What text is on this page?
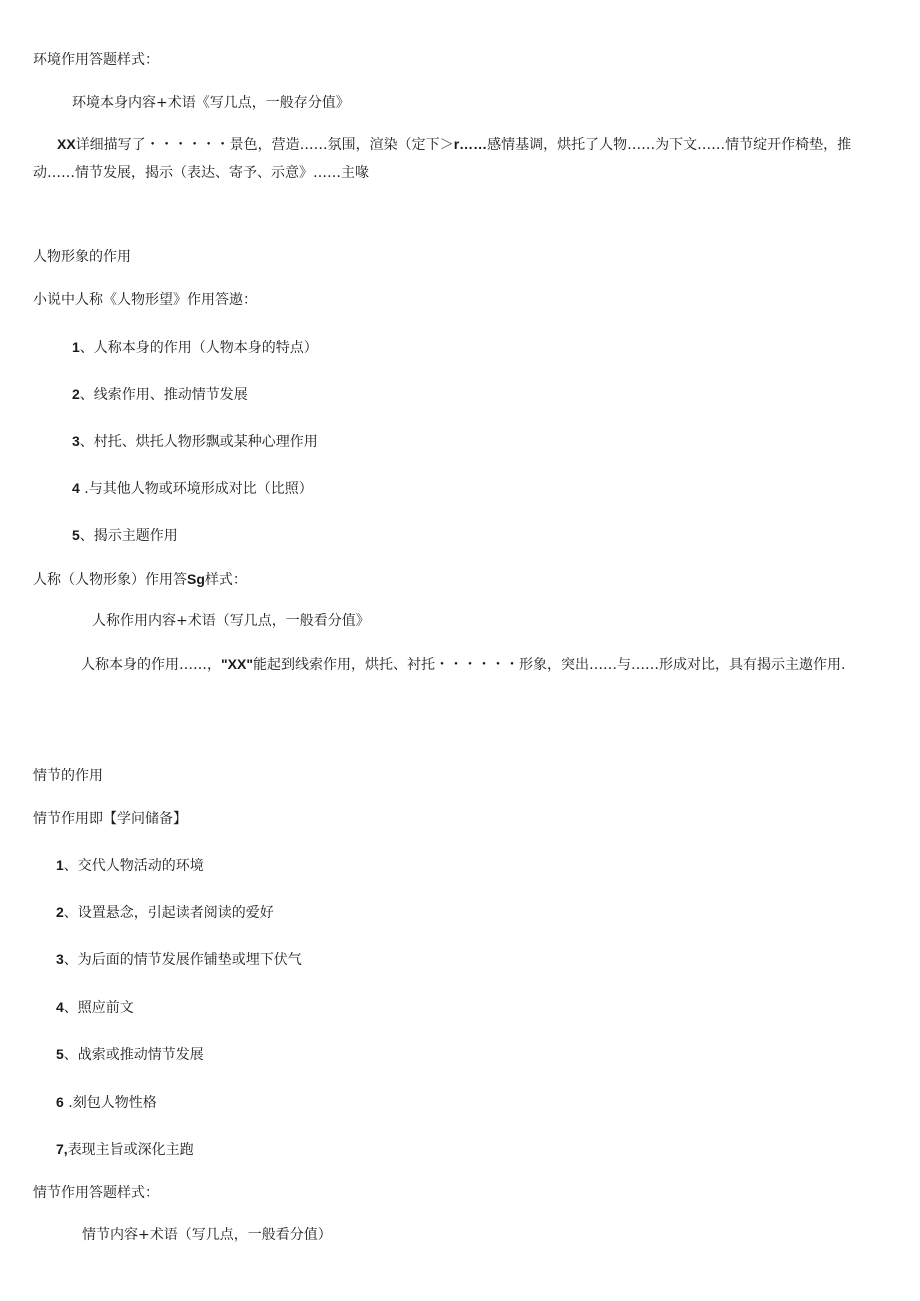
环境作用答题样式：
环境本身内容+术语《写几点，一般存分值》
XX详细描写了・・・・・・景色，营造……氛围，渲染（定下＞r……感情基调，烘托了人物……为下文……情节绽开作椅垫，推动……情节发展，揭示（表达、寄予、示意》……主喙
人物形象的作用
小说中人称《人物形望》作用答遨：
1、人称本身的作用（人物本身的特点）
2、线索作用、推动情节发展
3、村托、烘托人物形飘或某种心理作用
4 .与其他人物或环境形成对比（比照）
5、揭示主题作用
人称（人物形象）作用答Sg样式：
人称作用内容+术语（写几点，一般看分值》
人称本身的作用……，"XX"能起到线索作用，烘托、衬托・・・・・・形象，突出……与……形成对比，具有揭示主遨作用.
情节的作用
情节作用即【学问储备】
1、交代人物活动的环境
2、设置悬念，引起读者阅读的爱好
3、为后面的情节发展作铺垫或埋下伏气
4、照应前文
5、战索或推动情节发展
6 .刻包人物性格
7,表现主旨或深化主跑
情节作用答题样式：
情节内容+术语（写几点，一般看分值）
